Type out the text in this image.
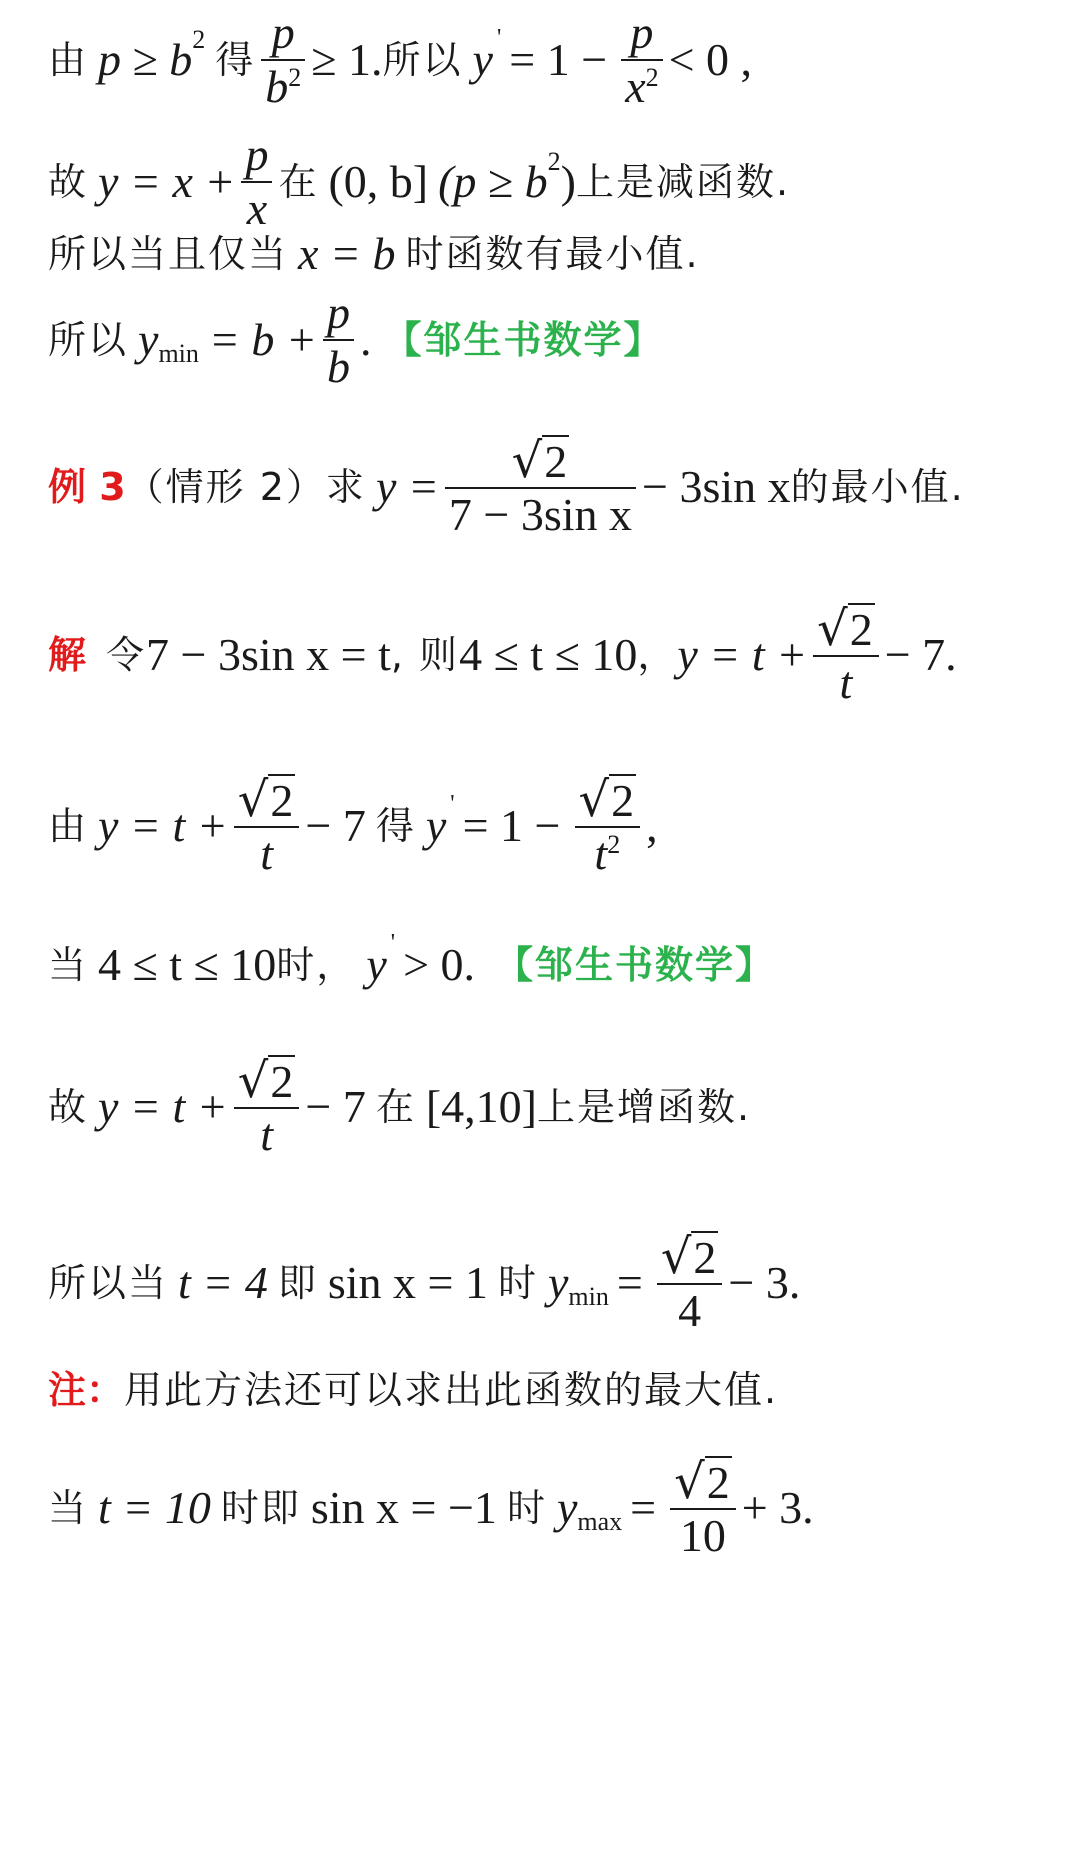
由 p ≥ b 2 得 $\frac{p}{b 2} \ge 1$. 所以 y ' = $1 - \frac{p}{x 2} < 0$ ,
故 $y = x + \frac{p}{x}$ 在 (0, b] (p ≥ b 2 ) 上是减函数.
所以当且仅当 x = b 时函数有最小值.
所以 y $\min = b + \frac{p}{b}$ . 【邹生书数学】
例 3 （情形 2）求 $y = \frac{√ 2}{\text{7 − 3sin x}} - 3\sin$ x 的最小值.
解 令 7 − 3sin x = t , 则 4 ≤ t ≤ 10 ， $y = t + \frac{√ 2}{t} - 7$.
由 $y = t + \frac{√ 2}{t} - 7$ 得 y ' = $1 - \frac{√ 2}{t 2}$ ,
当 4 ≤ t ≤ 10 时， y ' > 0. 【邹生书数学】
故 $y = t + \frac{√ 2}{t} - 7$ 在 [4,10] 上是增函数.
所以当 t = 4 即 sin x = 1 时 y $\min = \frac{√ 2}{4} - 3$.
注： 用此方法还可以求出此函数的最大值.
当 t = 10 时即 sin x = −1 时 y $\max = \frac{√ 2}{10} + 3$.
